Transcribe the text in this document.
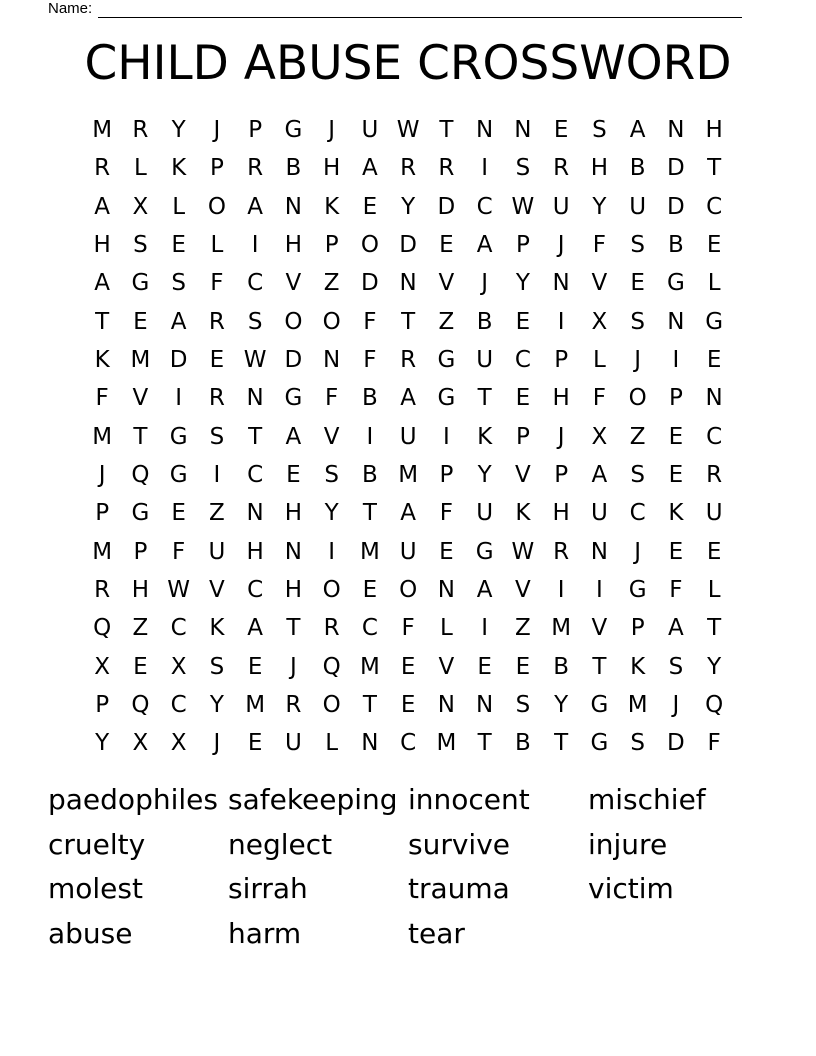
Name:
CHILD ABUSE CROSSWORD
M R	Y	J	P G	J	U W T N N E	S	A N H
R	L	K	P	R B H A R R	I	S R H B D T
A X	L O A N K	E	Y D C W U Y U D C
H S	E	L	I	H P O D E	A	P	J	F	S	B	E
A G S	F	C V Z D N V	J	Y N V	E G L
T	E	A R S O O F	T	Z B	E	I	X	S N G
K M D E W D N	F	R G U C	P	L	J	I	E
F	V	I	R N G F	B A G T	E H F O P N
M T G S	T	A V	I	U	I	K	P	J	X Z	E C
J	Q G	I	C E	S	B M P	Y	V	P	A	S	E R
P G E	Z N H Y	T	A	F	U K H U C K U
M P	F	U H N	I	M U E G W R N	J	E	E
R H W V C H O E O N A V	I	I	G F	L
Q Z C K A	T	R C	F	L	I	Z M V	P	A	T
X	E	X	S	E	J	Q M E	V	E	E	B	T	K	S	Y
P Q C	Y M R O T	E N N S	Y G M	J	Q
Y	X X	J	E U	L	N C M T	B	T G S D F
paedophiles safekeeping innocent	mischief
cruelty	neglect	survive	injure
molest	sirrah	trauma	victim
abuse	harm	tear
